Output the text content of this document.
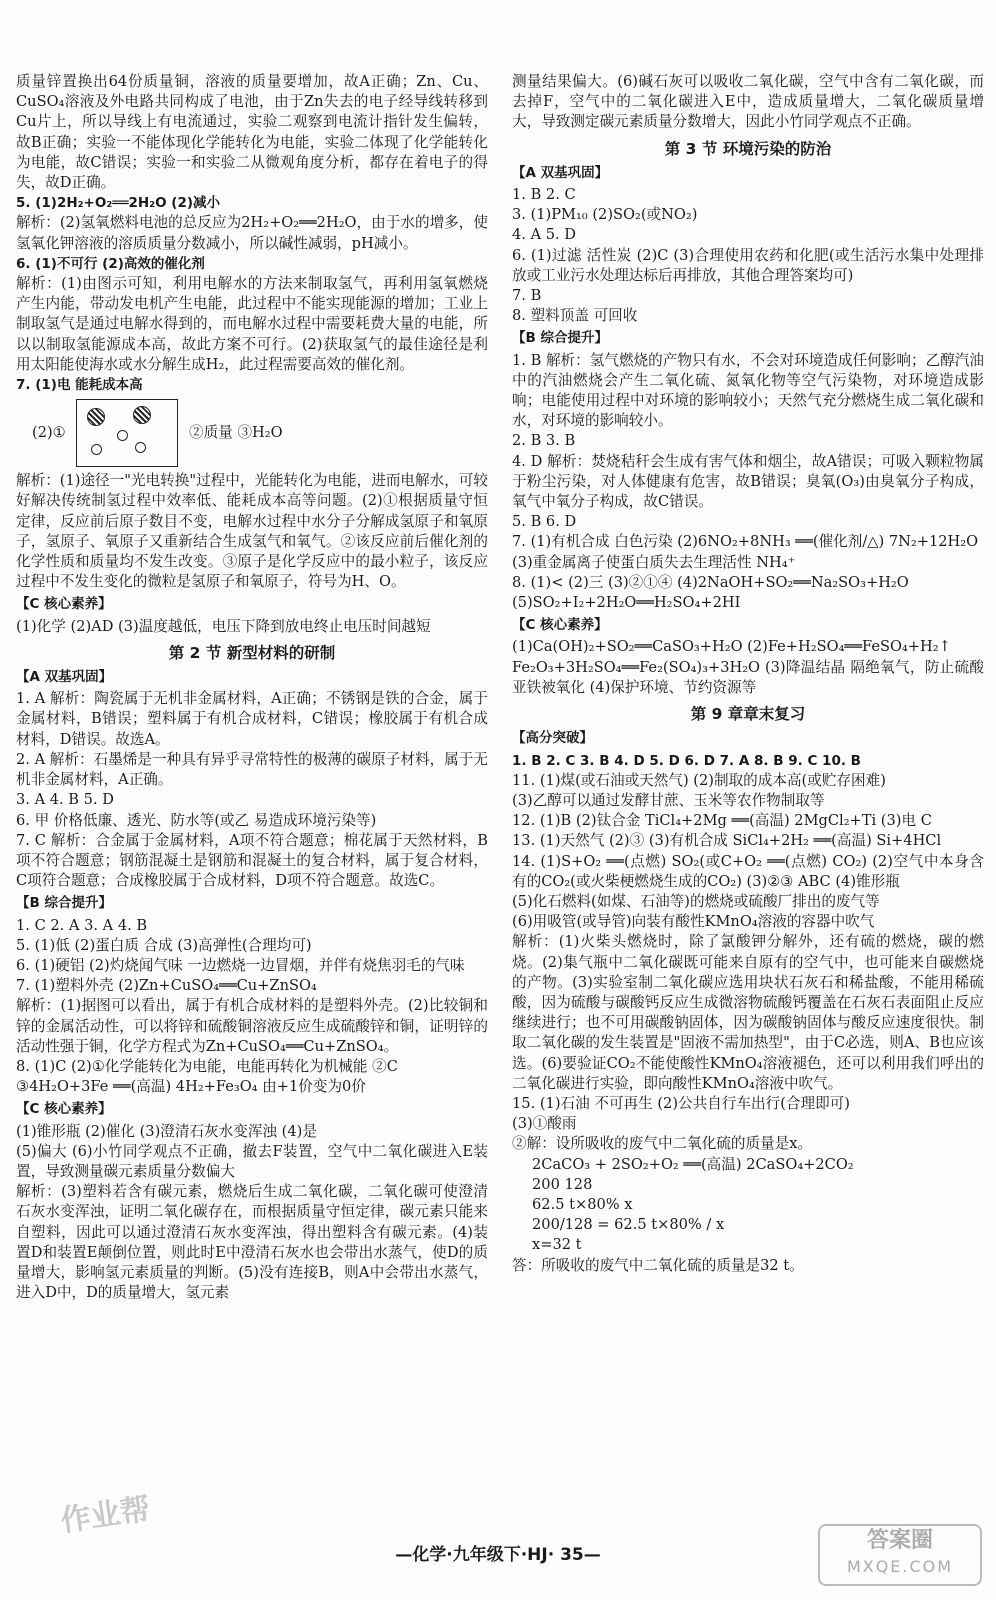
质量锌置换出64份质量铜，溶液的质量要增加，故A正确；Zn、Cu、CuSO₄溶液及外电路共同构成了电池，由于Zn失去的电子经导线转移到Cu片上，所以导线上有电流通过，实验二观察到电流计指针发生偏转，故B正确；实验一不能体现化学能转化为电能，实验二体现了化学能转化为电能，故C错误；实验一和实验二从微观角度分析，都存在着电子的得失，故D正确。

5. (1)2H₂+O₂══2H₂O (2)减小

解析：(2)氢氧燃料电池的总反应为2H₂+O₂══2H₂O，由于水的增多，使氢氧化钾溶液的溶质质量分数减小，所以碱性减弱，pH减小。

6. (1)不可行 (2)高效的催化剂

解析：(1)由图示可知，利用电解水的方法来制取氢气，再利用氢氧燃烧产生内能，带动发电机产生电能，此过程中不能实现能源的增加；工业上制取氢气是通过电解水得到的，而电解水过程中需要耗费大量的电能，所以以制取氢能源成本高，故此方案不可行。(2)获取氢气的最佳途径是利用太阳能使海水或水分解生成H₂，此过程需要高效的催化剂。

7. (1)电 能耗成本高

(2)①	②质量 ③H₂O

解析：(1)途径一"光电转换"过程中，光能转化为电能，进而电解水，可较好解决传统制氢过程中效率低、能耗成本高等问题。(2)①根据质量守恒定律，反应前后原子数目不变，电解水过程中水分子分解成氢原子和氧原子，氢原子、氧原子又重新结合生成氢气和氧气。②该反应前后催化剂的化学性质和质量均不发生改变。③原子是化学反应中的最小粒子，该反应过程中不发生变化的微粒是氢原子和氧原子，符号为H、O。

【C 核心素养】

(1)化学 (2)AD (3)温度越低，电压下降到放电终止电压时间越短

第 2 节 新型材料的研制

【A 双基巩固】

1. A 解析：陶瓷属于无机非金属材料，A正确；不锈钢是铁的合金，属于金属材料，B错误；塑料属于有机合成材料，C错误；橡胶属于有机合成材料，D错误。故选A。

2. A 解析：石墨烯是一种具有异乎寻常特性的极薄的碳原子材料，属于无机非金属材料，A正确。

3. A 4. B 5. D

6. 甲 价格低廉、透光、防水等(或乙 易造成环境污染等)

7. C 解析：合金属于金属材料，A项不符合题意；棉花属于天然材料，B项不符合题意；钢筋混凝土是钢筋和混凝土的复合材料，属于复合材料，C项符合题意；合成橡胶属于合成材料，D项不符合题意。故选C。

【B 综合提升】

1. C 2. A 3. A 4. B

5. (1)低 (2)蛋白质 合成 (3)高弹性(合理均可)

6. (1)硬铝 (2)灼烧闻气味 一边燃烧一边冒烟，并伴有烧焦羽毛的气味

7. (1)塑料外壳 (2)Zn+CuSO₄══Cu+ZnSO₄

解析：(1)据图可以看出，属于有机合成材料的是塑料外壳。(2)比较铜和锌的金属活动性，可以将锌和硫酸铜溶液反应生成硫酸锌和铜，证明锌的活动性强于铜，化学方程式为Zn+CuSO₄══Cu+ZnSO₄。

8. (1)C (2)①化学能转化为电能，电能再转化为机械能 ②C

③4H₂O+3Fe ══(高温) 4H₂+Fe₃O₄ 由+1价变为0价

【C 核心素养】

(1)锥形瓶 (2)催化 (3)澄清石灰水变浑浊 (4)是

(5)偏大 (6)小竹同学观点不正确，撤去F装置，空气中二氧化碳进入E装置，导致测量碳元素质量分数偏大

解析：(3)塑料若含有碳元素，燃烧后生成二氧化碳，二氧化碳可使澄清石灰水变浑浊，证明二氧化碳存在，而根据质量守恒定律，碳元素只能来自塑料，因此可以通过澄清石灰水变浑浊，得出塑料含有碳元素。(4)装置D和装置E颠倒位置，则此时E中澄清石灰水也会带出水蒸气，使D的质量增大，影响氢元素质量的判断。(5)没有连接B，则A中会带出水蒸气，进入D中，D的质量增大，氢元素

测量结果偏大。(6)碱石灰可以吸收二氧化碳，空气中含有二氧化碳，而去掉F，空气中的二氧化碳进入E中，造成质量增大，二氧化碳质量增大，导致测定碳元素质量分数增大，因此小竹同学观点不正确。

第 3 节 环境污染的防治

【A 双基巩固】

1. B 2. C

3. (1)PM₁₀ (2)SO₂(或NO₂)

4. A 5. D

6. (1)过滤 活性炭 (2)C (3)合理使用农药和化肥(或生活污水集中处理排放或工业污水处理达标后再排放，其他合理答案均可)

7. B

8. 塑料顶盖 可回收

【B 综合提升】

1. B 解析：氢气燃烧的产物只有水，不会对环境造成任何影响；乙醇汽油中的汽油燃烧会产生二氧化硫、氮氧化物等空气污染物，对环境造成影响；电能使用过程中对环境的影响较小；天然气充分燃烧生成二氧化碳和水，对环境的影响较小。

2. B 3. B

4. D 解析：焚烧秸秆会生成有害气体和烟尘，故A错误；可吸入颗粒物属于粉尘污染，对人体健康有危害，故B错误；臭氧(O₃)由臭氧分子构成，氧气中氧分子构成，故C错误。

5. B 6. D

7. (1)有机合成 白色污染 (2)6NO₂+8NH₃ ══(催化剂/△) 7N₂+12H₂O

(3)重金属离子使蛋白质失去生理活性 NH₄⁺

8. (1)< (2)三 (3)②①④ (4)2NaOH+SO₂══Na₂SO₃+H₂O

(5)SO₂+I₂+2H₂O══H₂SO₄+2HI

【C 核心素养】

(1)Ca(OH)₂+SO₂══CaSO₃+H₂O (2)Fe+H₂SO₄══FeSO₄+H₂↑

Fe₂O₃+3H₂SO₄══Fe₂(SO₄)₃+3H₂O (3)降温结晶 隔绝氧气，防止硫酸亚铁被氧化 (4)保护环境、节约资源等

第 9 章章末复习

【高分突破】

1. B 2. C 3. B 4. D 5. D 6. D 7. A 8. B 9. C 10. B

11. (1)煤(或石油或天然气) (2)制取的成本高(或贮存困难)

(3)乙醇可以通过发酵甘蔗、玉米等农作物制取等

12. (1)B (2)钛合金 TiCl₄+2Mg ══(高温) 2MgCl₂+Ti (3)电 C

13. (1)天然气 (2)③ (3)有机合成 SiCl₄+2H₂ ══(高温) Si+4HCl

14. (1)S+O₂ ══(点燃) SO₂(或C+O₂ ══(点燃) CO₂) (2)空气中本身含有的CO₂(或火柴梗燃烧生成的CO₂) (3)②③ ABC (4)锥形瓶

(5)化石燃料(如煤、石油等)的燃烧或硫酸厂排出的废气等

(6)用吸管(或导管)向装有酸性KMnO₄溶液的容器中吹气

解析：(1)火柴头燃烧时，除了氯酸钾分解外，还有硫的燃烧，碳的燃烧。(2)集气瓶中二氧化碳既可能来自原有的空气中，也可能来自碳燃烧的产物。(3)实验室制二氧化碳应选用块状石灰石和稀盐酸，不能用稀硫酸，因为硫酸与碳酸钙反应生成微溶物硫酸钙覆盖在石灰石表面阻止反应继续进行；也不可用碳酸钠固体，因为碳酸钠固体与酸反应速度很快。制取二氧化碳的发生装置是"固液不需加热型"，由于C必选，则A、B也应该选。(6)要验证CO₂不能使酸性KMnO₄溶液褪色，还可以利用我们呼出的二氧化碳进行实验，即向酸性KMnO₄溶液中吹气。

15. (1)石油 不可再生 (2)公共自行车出行(合理即可)

(3)①酸雨

②解：设所吸收的废气中二氧化硫的质量是x。

2CaCO₃ + 2SO₂+O₂ ══(高温) 2CaSO₄+2CO₂

200 128

62.5 t×80% x

200/128 = 62.5 t×80% / x

x=32 t

答：所吸收的废气中二氧化硫的质量是32 t。

作业帮
—化学·九年级下·HJ· 35—
答案圈
MXQE.COM
